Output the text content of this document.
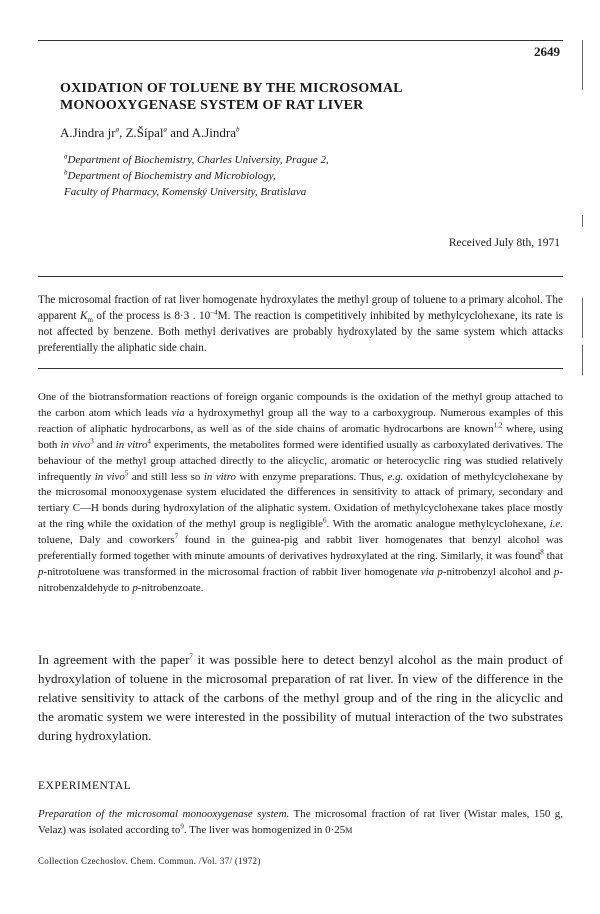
2649
OXIDATION OF TOLUENE BY THE MICROSOMAL
MONOOXYGENASE SYSTEM OF RAT LIVER
A.Jindra $jr^a$, Z.Šípal$^a$ and A.Jindra$^b$
$^a$Department of Biochemistry, Charles University, Prague 2,
$^b$Department of Biochemistry and Microbiology,
Faculty of Pharmacy, Komenský University, Bratislava
Received July 8th, 1971
The microsomal fraction of rat liver homogenate hydroxylates the methyl group of toluene to a primary alcohol. The apparent $K_m$ of the process is 8·3 . $10^{-4}M$. The reaction is competitively inhibited by methylcyclohexane, its rate is not affected by benzene. Both methyl derivatives are probably hydroxylated by the same system which attacks preferentially the aliphatic side chain.
One of the biotransformation reactions of foreign organic compounds is the oxidation of the methyl group attached to the carbon atom which leads via a hydroxymethyl group all the way to a carboxygroup. Numerous examples of this reaction of aliphatic hydrocarbons, as well as of the side chains of aromatic hydrocarbons are known$^{1,2}$ where, using both in vivo$^3$ and in vitro$^4$ experiments, the metabolites formed were identified usually as carboxylated derivatives. The behaviour of the methyl group attached directly to the alicyclic, aromatic or heterocyclic ring was studied relatively infrequently in vivo$^5$ and still less so in vitro with enzyme preparations. Thus, e.g. oxidation of methylcyclohexane by the microsomal monooxygenase system elucidated the differences in sensitivity to attack of primary, secondary and tertiary C—H bonds during hydroxylation of the aliphatic system. Oxidation of methylcyclohexane takes place mostly at the ring while the oxidation of the methyl group is negligible$^6$. With the aromatic analogue methylcyclohexane, i.e. toluene, Daly and coworkers$^7$ found in the guinea-pig and rabbit liver homogenates that benzyl alcohol was preferentially formed together with minute amounts of derivatives hydroxylated at the ring. Similarly, it was found$^8$ that p-nitrotoluene was transformed in the microsomal fraction of rabbit liver homogenate via p-nitrobenzyl alcohol and p-nitrobenzaldehyde to p-nitrobenzoate.
In agreement with the paper$^7$ it was possible here to detect benzyl alcohol as the main product of hydroxylation of toluene in the microsomal preparation of rat liver. In view of the difference in the relative sensitivity to attack of the carbons of the methyl group and of the ring in the alicyclic and the aromatic system we were interested in the possibility of mutual interaction of the two substrates during hydroxylation.
EXPERIMENTAL
Preparation of the microsomal monooxygenase system. The microsomal fraction of rat liver (Wistar males, 150 g, Velaz) was isolated according $to^9$. The liver was homogenized in 0·25M
Collection Czechoslov. Chem. Commun. /Vol. 37/ (1972)
